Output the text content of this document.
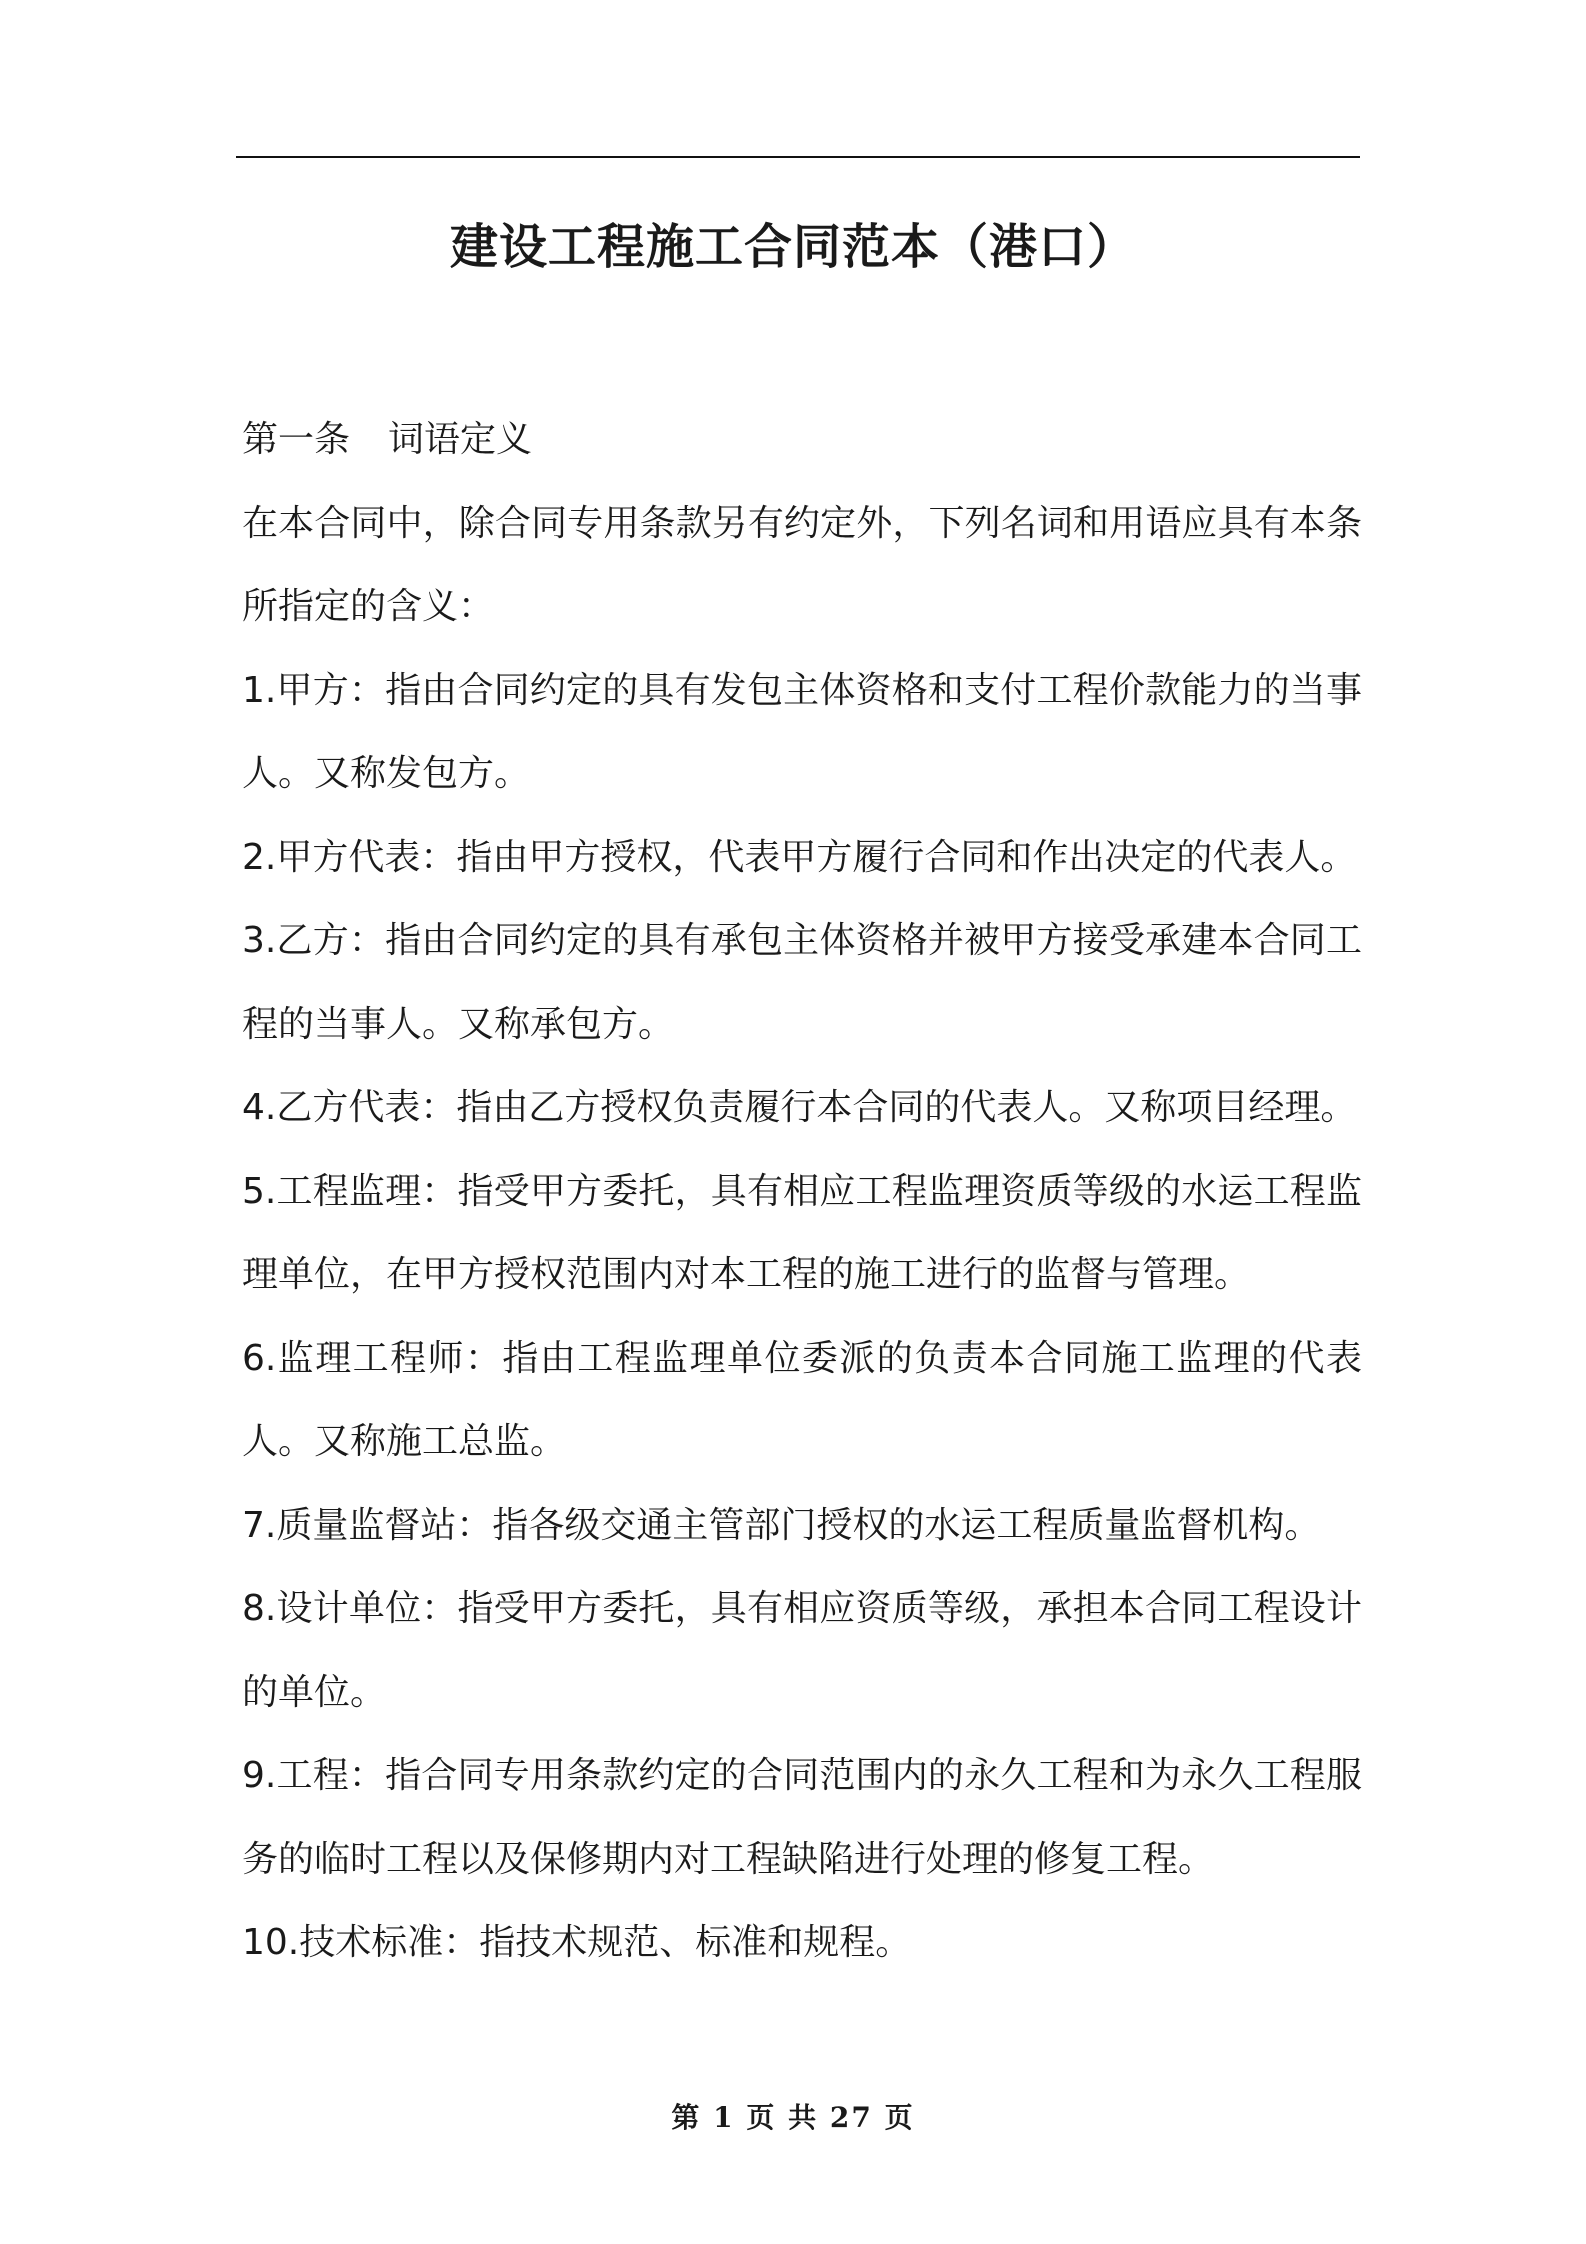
建设工程施工合同范本（港口）

第一条 词语定义

在本合同中，除合同专用条款另有约定外，下列名词和用语应具有本条所指定的含义：

1.甲方：指由合同约定的具有发包主体资格和支付工程价款能力的当事人。又称发包方。

2.甲方代表：指由甲方授权，代表甲方履行合同和作出决定的代表人。

3.乙方：指由合同约定的具有承包主体资格并被甲方接受承建本合同工程的当事人。又称承包方。

4.乙方代表：指由乙方授权负责履行本合同的代表人。又称项目经理。

5.工程监理：指受甲方委托，具有相应工程监理资质等级的水运工程监理单位，在甲方授权范围内对本工程的施工进行的监督与管理。

6.监理工程师：指由工程监理单位委派的负责本合同施工监理的代表人。又称施工总监。

7.质量监督站：指各级交通主管部门授权的水运工程质量监督机构。

8.设计单位：指受甲方委托，具有相应资质等级，承担本合同工程设计的单位。

9.工程：指合同专用条款约定的合同范围内的永久工程和为永久工程服务的临时工程以及保修期内对工程缺陷进行处理的修复工程。

10.技术标准：指技术规范、标准和规程。

第 1 页 共 27 页
